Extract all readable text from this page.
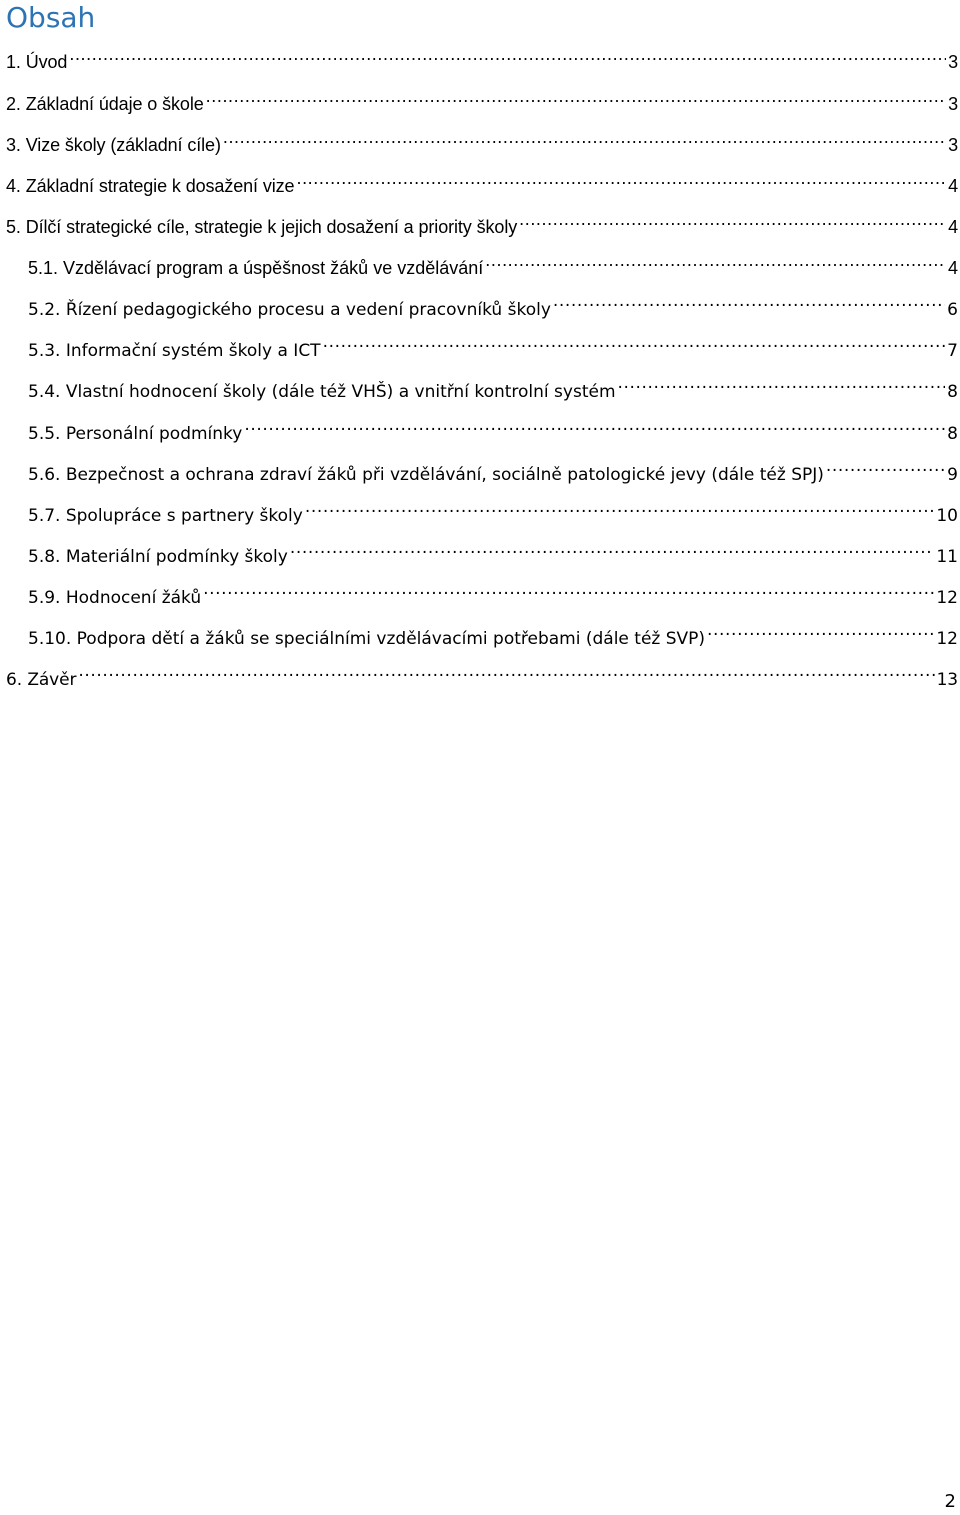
Obsah
1. Úvod .....	3
2. Základní údaje o škole .....	3
3. Vize školy (základní cíle) .....	3
4. Základní strategie k dosažení vize .....	4
5. Dílčí strategické cíle, strategie k jejich dosažení a priority školy .....	4
5.1. Vzdělávací program a úspěšnost žáků ve vzdělávání .....	4
5.2. Řízení pedagogického procesu a vedení pracovníků školy .....	6
5.3. Informační systém školy a ICT .....	7
5.4. Vlastní hodnocení školy (dále též VHŠ) a vnitřní kontrolní systém .....	8
5.5. Personální podmínky .....	8
5.6. Bezpečnost a ochrana zdraví žáků při vzdělávání, sociálně patologické jevy (dále též SPJ) .....	9
5.7. Spolupráce s partnery školy .....	10
5.8. Materiální podmínky školy .....	11
5.9. Hodnocení žáků .....	12
5.10. Podpora dětí a žáků se speciálními vzdělávacími potřebami (dále též SVP) .....	12
6. Závěr .....	13
2
